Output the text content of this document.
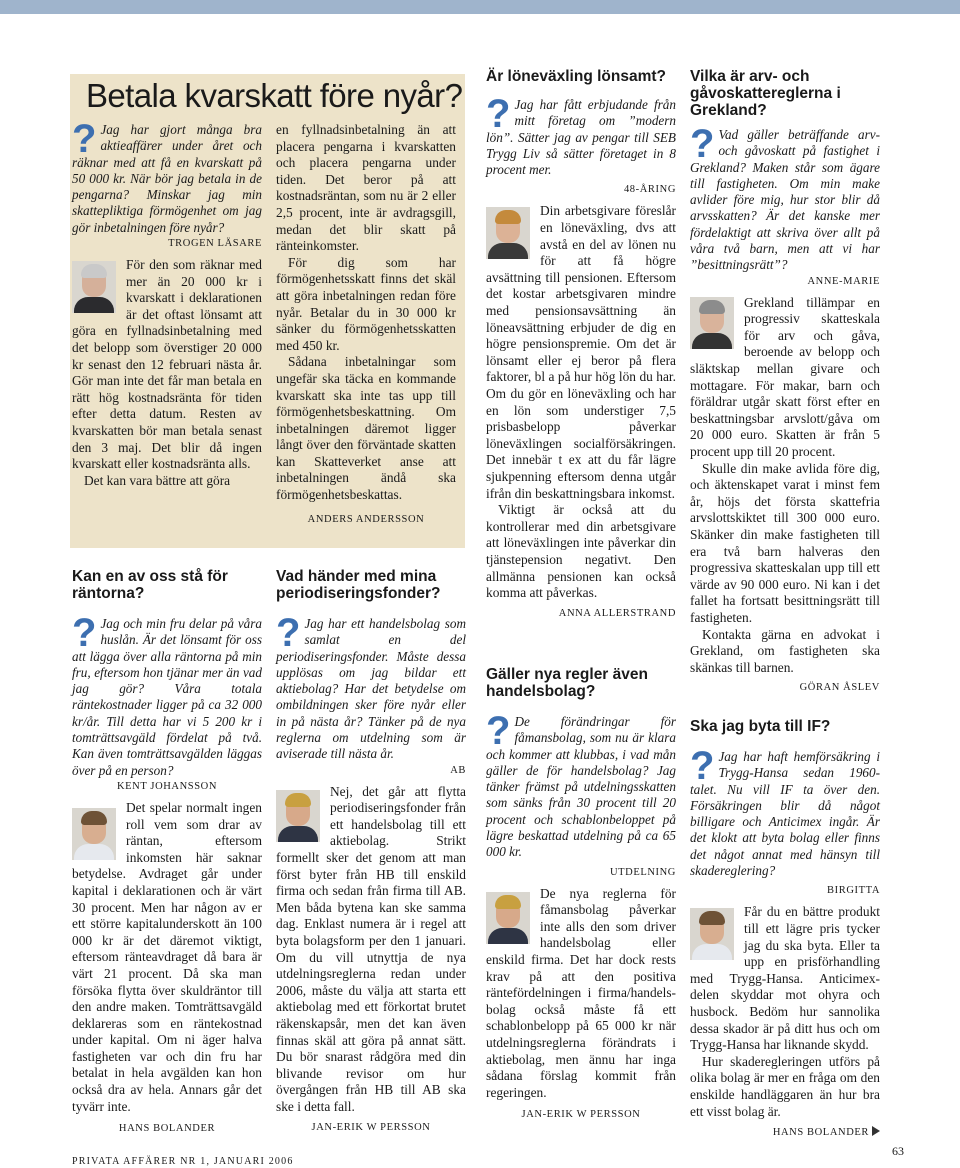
Betala kvarskatt före nyår?

? Jag har gjort många bra aktieaffärer under året och räknar med att få en kvarskatt på 50 000 kr. När bör jag betala in de pengarna? Minskar jag min skattepliktiga förmögenhet om jag gör inbetalningen före nyår?

TROGEN LÄSARE

För den som räknar med mer än 20 000 kr i kvarskatt i deklarationen är det oftast lönsamt att göra en fyllnadsinbetalning med det belopp som överstiger 20 000 kr senast den 12 februari nästa år. Gör man inte det får man betala en rätt hög kostnadsränta för tiden efter detta datum. Resten av kvarskatten bör man betala senast den 3 maj. Det blir då ingen kvarskatt eller kostnadsränta alls.

Det kan vara bättre att göra

en fyllnadsinbetalning än att placera pengarna i kvarskatten och placera pengarna under tiden. Det beror på att kostnadsräntan, som nu är 2 eller 2,5 procent, inte är avdragsgill, medan det blir skatt på ränteinkomster.

För dig som har förmögenhetsskatt finns det skäl att göra inbetalningen redan före nyår. Betalar du in 30 000 kr sänker du förmögenhetsskatten med 450 kr.

Sådana inbetalningar som ungefär ska täcka en kommande kvarskatt ska inte tas upp till förmögenhetsbeskattning. Om inbetalningen däremot ligger långt över den förväntade skatten kan Skatteverket anse att inbetalningen ändå ska förmögenhetsbeskattas.

ANDERS ANDERSSON
Kan en av oss stå för räntorna?

? Jag och min fru delar på våra huslån. Är det lönsamt för oss att lägga över alla räntorna på min fru, eftersom hon tjänar mer än vad jag gör? Våra totala räntekostnader ligger på ca 32 000 kr/år. Till detta har vi 5 200 kr i tomträttsavgäld fördelat på två. Kan även tomträttsavgälden läggas över på en person?

KENT JOHANSSON

Det spelar normalt ingen roll vem som drar av räntan, eftersom inkomsten här saknar betydelse. Avdraget går under kapital i deklarationen och är värt 30 procent. Men har någon av er ett större kapitalunderskott än 100 000 kr är det däremot viktigt, eftersom ränteavdraget då bara är värt 21 procent. Då ska man försöka flytta över skuldräntor till den andre maken. Tomträttsavgäld deklareras som en räntekostnad under kapital. Om ni äger halva fastigheten var och din fru har betalat in hela avgälden kan hon också dra av hela. Annars går det tyvärr inte.

HANS BOLANDER
Vad händer med mina periodiseringsfonder?

? Jag har ett handelsbolag som samlat en del periodiseringsfonder. Måste dessa upplösas om jag bildar ett aktiebolag? Har det betydelse om ombildningen sker före nyår eller in på nästa år? Tänker på de nya reglerna om utdelning som är aviserade till nästa år.

AB

Nej, det går att flytta periodiseringsfonder från ett handelsbolag till ett aktiebolag. Strikt formellt sker det genom att man först byter från HB till enskild firma och sedan från firma till AB. Men båda bytena kan ske samma dag. Enklast numera är i regel att byta bolagsform per den 1 januari. Om du vill utnyttja de nya utdelningsreglerna redan under 2006, måste du välja att starta ett aktiebolag med ett förkortat brutet räkenskapsår, men det kan även finnas skäl att göra på annat sätt. Du bör snarast rådgöra med din blivande revisor om hur övergången från HB till AB ska ske i detta fall.

JAN-ERIK W PERSSON
Är löneväxling lönsamt?

? Jag har fått erbjudande från mitt företag om ”modern lön”. Sätter jag av pengar till SEB Trygg Liv så sätter företaget in 8 procent mer.

48-ÅRING

Din arbetsgivare föreslår en löneväxling, dvs att avstå en del av lönen nu för att få högre avsättning till pensionen. Eftersom det kostar arbetsgivaren mindre med pensionsavsättning än löneavsättning erbjuder de dig en högre pensionspremie. Om det är lönsamt eller ej beror på flera faktorer, bl a på hur hög lön du har. Om du gör en löneväxling och har en lön som understiger 7,5 prisbasbelopp påverkar löneväxlingen socialförsäkringen. Det innebär t ex att du får lägre sjukpenning eftersom denna utgår ifrån din beskattningsbara inkomst.

Viktigt är också att du kontrollerar med din arbetsgivare att löneväxlingen inte påverkar din tjänstepension negativt. Den allmänna pensionen kan också komma att påverkas.

ANNA ALLERSTRAND
Gäller nya regler även handelsbolag?

? De förändringar för fåmansbolag, som nu är klara och kommer att klubbas, i vad mån gäller de för handelsbolag? Jag tänker främst på utdelningsskatten som sänks från 30 procent till 20 procent och schablonbeloppet på lägre beskattad utdelning på ca 65 000 kr.

UTDELNING

De nya reglerna för fåmansbolag påverkar inte alls den som driver handelsbolag eller enskild firma. Det har dock rests krav på att den positiva räntefördelningen i firma/handels-bolag också måste få ett schablonbelopp på 65 000 kr när utdelningsreglerna förändrats i aktiebolag, men ännu har inga sådana förslag kommit från regeringen.

JAN-ERIK W PERSSON
Vilka är arv- och gåvoskattereglerna i Grekland?

? Vad gäller beträffande arv- och gåvoskatt på fastighet i Grekland? Maken står som ägare till fastigheten. Om min make avlider före mig, hur stor blir då arvsskatten? Är det kanske mer fördelaktigt att skriva över allt på våra två barn, men att vi har ”besittningsrätt”?

ANNE-MARIE

Grekland tillämpar en progressiv skatteskala för arv och gåva, beroende av belopp och släktskap mellan givare och mottagare. För makar, barn och föräldrar utgår skatt först efter en beskattningsbar arvslott/gåva om 20 000 euro. Skatten är från 5 procent upp till 20 procent.

Skulle din make avlida före dig, och äktenskapet varat i minst fem år, höjs det första skattefria arvslottskiktet till 300 000 euro. Skänker din make fastigheten till era två barn halveras den progressiva skatteskalan upp till ett värde av 90 000 euro. Ni kan i det fallet ha fortsatt besittningsrätt till fastigheten.

Kontakta gärna en advokat i Grekland, om fastigheten ska skänkas till barnen.

GÖRAN ÅSLEV
Ska jag byta till IF?

? Jag har haft hemförsäkring i Trygg-Hansa sedan 1960-talet. Nu vill IF ta över den. Försäkringen blir då något billigare och Anticimex ingår. Är det klokt att byta bolag eller finns det något annat med hänsyn till skadereglering?

BIRGITTA

Får du en bättre produkt till ett lägre pris tycker jag du ska byta. Eller ta upp en prisförhandling med Trygg-Hansa. Anticimex-delen skyddar mot ohyra och husbock. Bedöm hur sannolika dessa skador är på ditt hus och om Trygg-Hansa har liknande skydd.

Hur skaderegleringen utförs på olika bolag är mer en fråga om den enskilde handläggaren än hur bra ett visst bolag är.

HANS BOLANDER
PRIVATA AFFÄRER NR 1, JANUARI 2006
63
